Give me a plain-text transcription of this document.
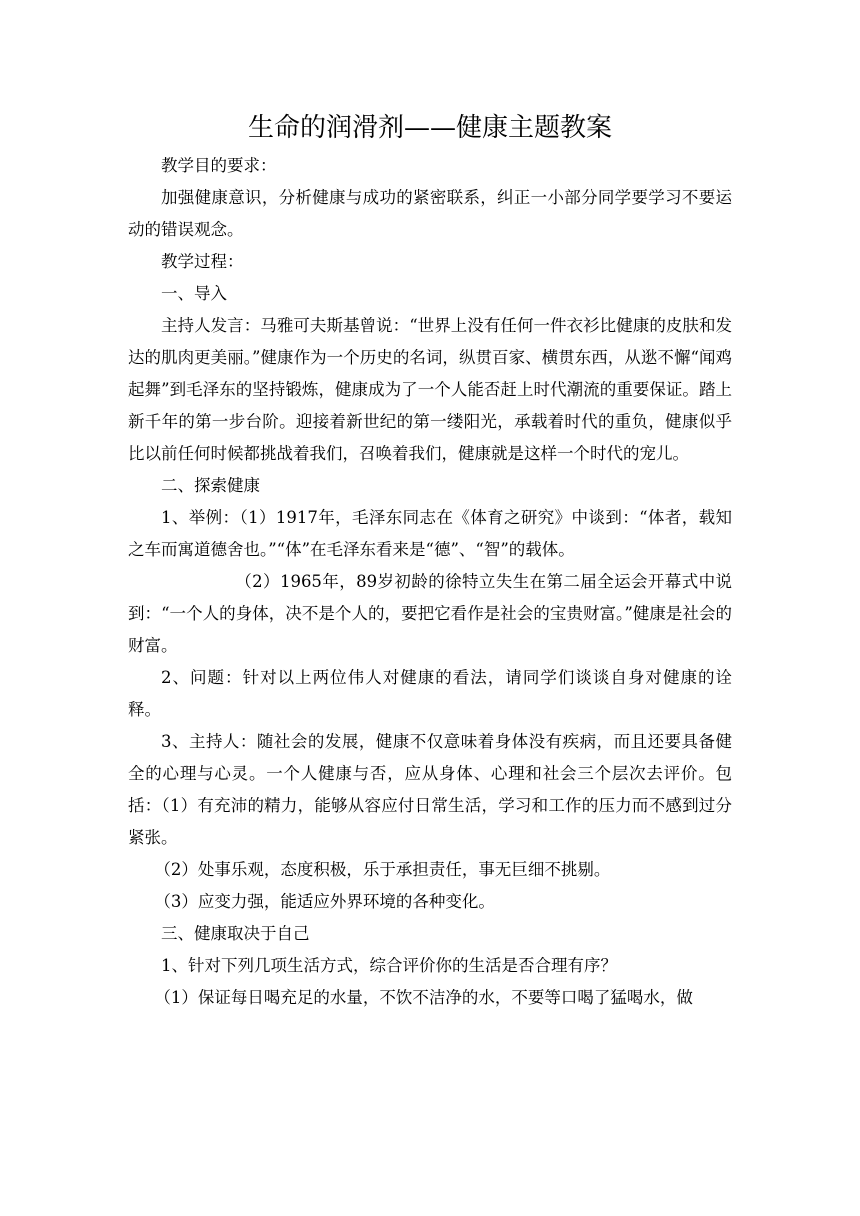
生命的润滑剂——健康主题教案

教学目的要求：

加强健康意识，分析健康与成功的紧密联系，纠正一小部分同学要学习不要运动的错误观念。

教学过程：

一、导入

主持人发言：马雅可夫斯基曾说：“世界上没有任何一件衣衫比健康的皮肤和发达的肌肉更美丽。”健康作为一个历史的名词，纵贯百家、横贯东西，从逖不懈“闻鸡起舞”到毛泽东的坚持锻炼，健康成为了一个人能否赶上时代潮流的重要保证。踏上新千年的第一步台阶。迎接着新世纪的第一缕阳光，承载着时代的重负，健康似乎比以前任何时候都挑战着我们，召唤着我们，健康就是这样一个时代的宠儿。

二、探索健康

1、举例：（1）1917年，毛泽东同志在《体育之研究》中谈到：“体者，载知之车而寓道德舍也。”“体”在毛泽东看来是“德”、“智”的载体。

（2）1965年，89岁初龄的徐特立失生在第二届全运会开幕式中说到：“一个人的身体，决不是个人的，要把它看作是社会的宝贵财富。”健康是社会的财富。

2、问题：针对以上两位伟人对健康的看法，请同学们谈谈自身对健康的诠释。

3、主持人：随社会的发展，健康不仅意味着身体没有疾病，而且还要具备健全的心理与心灵。一个人健康与否，应从身体、心理和社会三个层次去评价。包括：（1）有充沛的精力，能够从容应付日常生活，学习和工作的压力而不感到过分紧张。

（2）处事乐观，态度积极，乐于承担责任，事无巨细不挑剔。

（3）应变力强，能适应外界环境的各种变化。

三、健康取决于自己

1、针对下列几项生活方式，综合评价你的生活是否合理有序？

（1）保证每日喝充足的水量，不饮不洁净的水，不要等口喝了猛喝水，做
